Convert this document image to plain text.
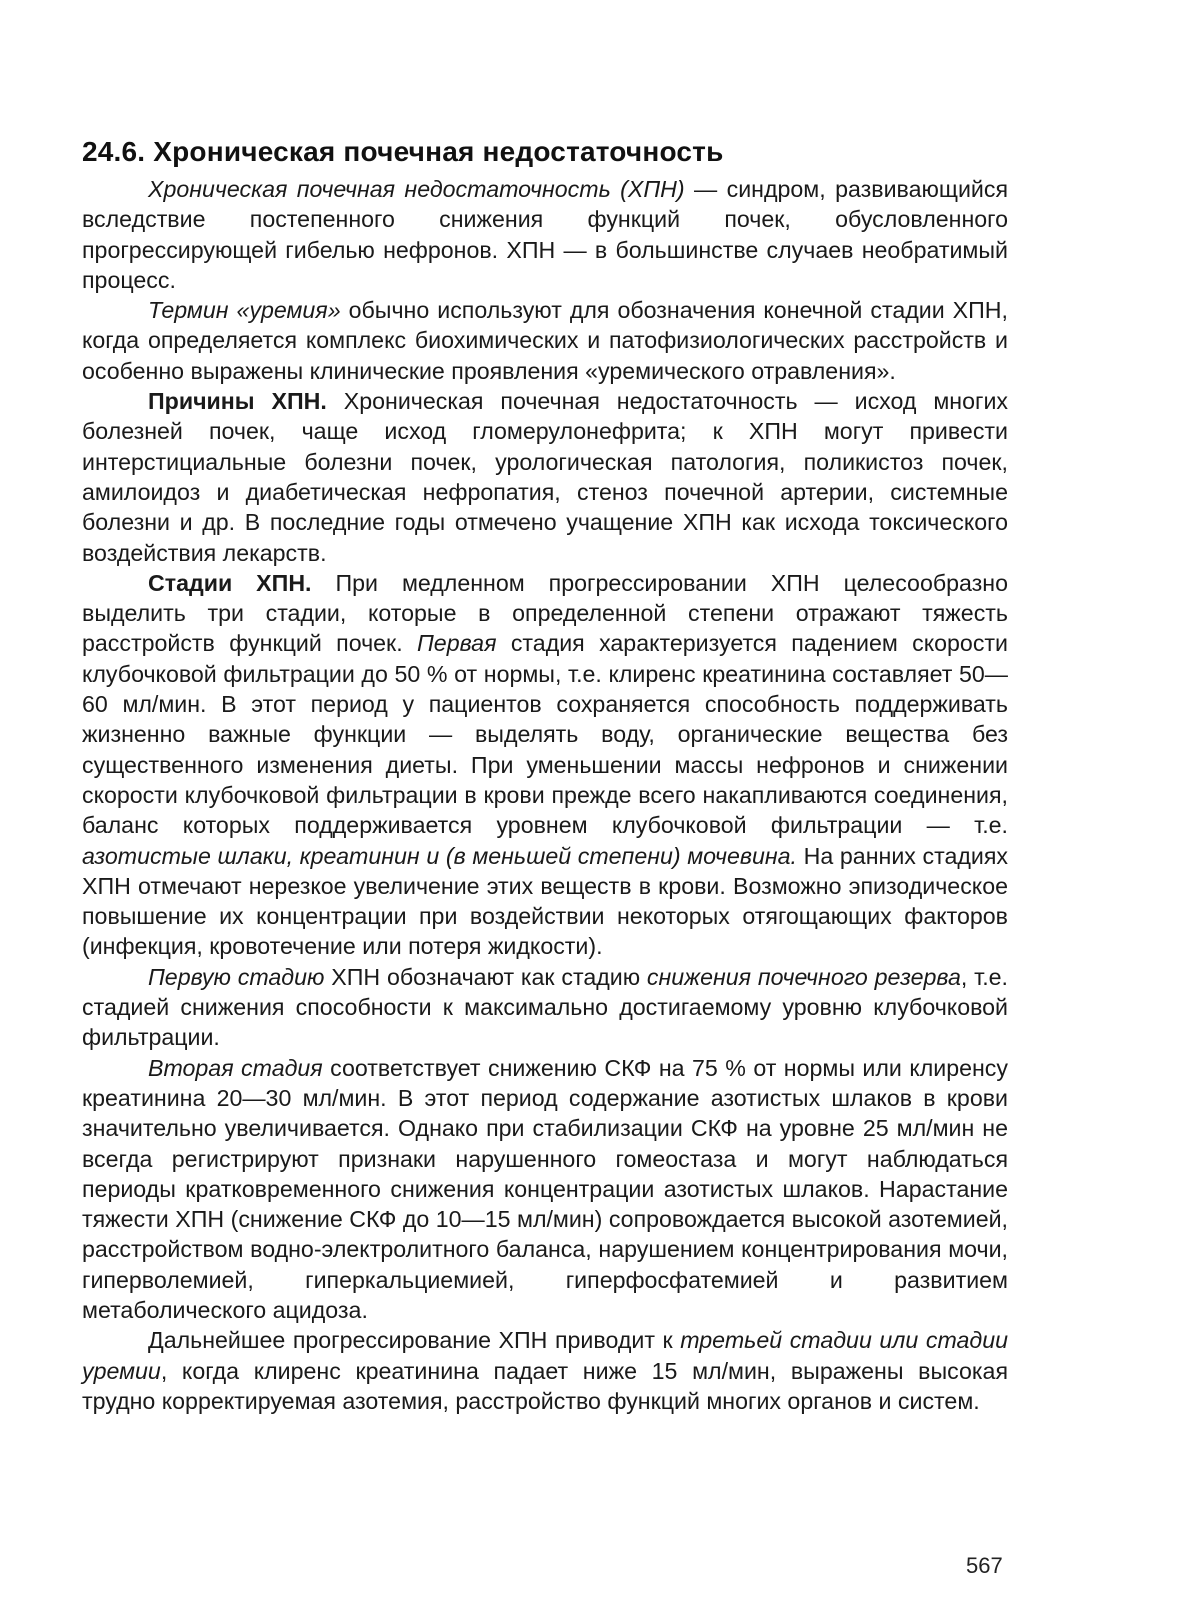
24.6. Хроническая почечная недостаточность

Хроническая почечная недостаточность (ХПН) — синдром, развивающийся вследствие постепенного снижения функций почек, обусловленного прогрессирующей гибелью нефронов. ХПН — в большинстве случаев необратимый процесс.

Термин «уремия» обычно используют для обозначения конечной стадии ХПН, когда определяется комплекс биохимических и патофизиологических расстройств и особенно выражены клинические проявления «уремического отравления».

Причины ХПН. Хроническая почечная недостаточность — исход многих болезней почек, чаще исход гломерулонефрита; к ХПН могут привести интерстициальные болезни почек, урологическая патология, поликистоз почек, амилоидоз и диабетическая нефропатия, стеноз почечной артерии, системные болезни и др. В последние годы отмечено учащение ХПН как исхода токсического воздействия лекарств.

Стадии ХПН. При медленном прогрессировании ХПН целесообразно выделить три стадии, которые в определенной степени отражают тяжесть расстройств функций почек. Первая стадия характеризуется падением скорости клубочковой фильтрации до 50 % от нормы, т.е. клиренс креатинина составляет 50—60 мл/мин. В этот период у пациентов сохраняется способность поддерживать жизненно важные функции — выделять воду, органические вещества без существенного изменения диеты. При уменьшении массы нефронов и снижении скорости клубочковой фильтрации в крови прежде всего накапливаются соединения, баланс которых поддерживается уровнем клубочковой фильтрации — т.е. азотистые шлаки, креатинин и (в меньшей степени) мочевина. На ранних стадиях ХПН отмечают нерезкое увеличение этих веществ в крови. Возможно эпизодическое повышение их концентрации при воздействии некоторых отягощающих факторов (инфекция, кровотечение или потеря жидкости).

Первую стадию ХПН обозначают как стадию снижения почечного резерва, т.е. стадией снижения способности к максимально достигаемому уровню клубочковой фильтрации.

Вторая стадия соответствует снижению СКФ на 75 % от нормы или клиренсу креатинина 20—30 мл/мин. В этот период содержание азотистых шлаков в крови значительно увеличивается. Однако при стабилизации СКФ на уровне 25 мл/мин не всегда регистрируют признаки нарушенного гомеостаза и могут наблюдаться периоды кратковременного снижения концентрации азотистых шлаков. Нарастание тяжести ХПН (снижение СКФ до 10—15 мл/мин) сопровождается высокой азотемией, расстройством водно-электролитного баланса, нарушением концентрирования мочи, гиперволемией, гиперкальциемией, гиперфосфатемией и развитием метаболического ацидоза.

Дальнейшее прогрессирование ХПН приводит к третьей стадии или стадии уремии, когда клиренс креатинина падает ниже 15 мл/мин, выражены высокая трудно корректируемая азотемия, расстройство функций многих органов и систем.

567
